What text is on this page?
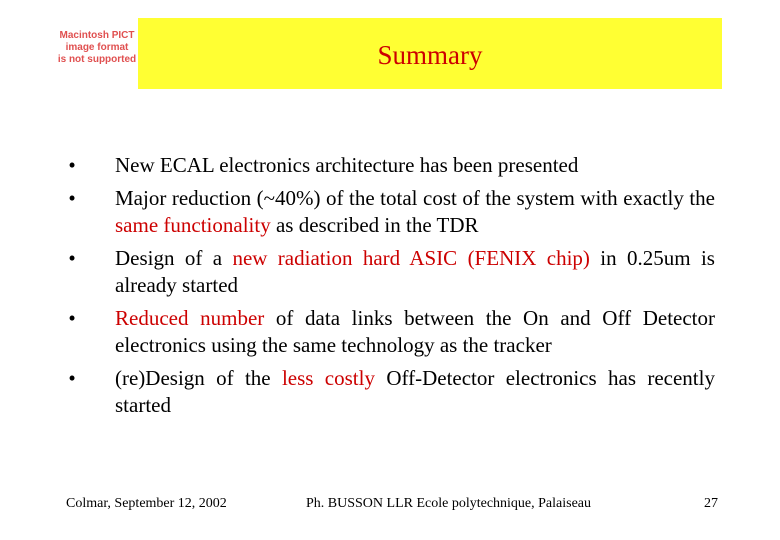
Macintosh PICT
image format
is not supported	Summary
• New ECAL electronics architecture has been presented
• Major reduction (~40%) of the total cost of the system with exactly the same functionality as described in the TDR
• Design of a new radiation hard ASIC (FENIX chip) in 0.25um is already started
• Reduced number of data links between the On and Off Detector electronics using the same technology as the tracker
• (re)Design of the less costly Off-Detector electronics has recently started
Colmar, September 12, 2002	Ph. BUSSON LLR Ecole polytechnique, Palaiseau	27
